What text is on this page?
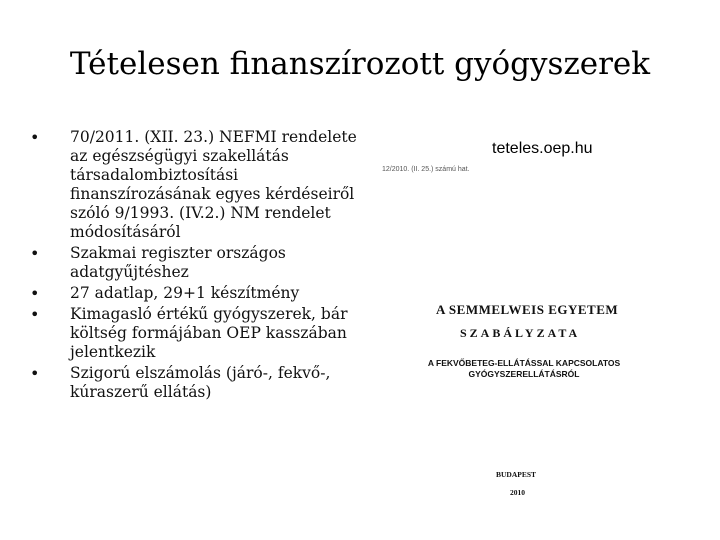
Tételesen finanszírozott gyógyszerek
• 70/2011. (XII. 23.) NEFMI rendelete az egészségügyi szakellátás társadalombiztosítási finanszírozásának egyes kérdéseiről szóló 9/1993. (IV.2.) NM rendelet módosításáról
• Szakmai regiszter országos adatgyűjtéshez
• 27 adatlap, 29+1 készítmény
• Kimagasló értékű gyógyszerek, bár költség formájában OEP kasszában jelentkezik
• Szigorú elszámolás (járó-, fekvő-, kúraszerű ellátás)
teteles.oep.hu
12/2010. (II. 25.) számú hat.
A SEMMELWEIS EGYETEM
SZABÁLYZATA
A FEKVŐBETEG-ELLÁTÁSSAL KAPCSOLATOS GYÓGYSZERELLÁTÁSRÓL
BUDAPEST
2010
